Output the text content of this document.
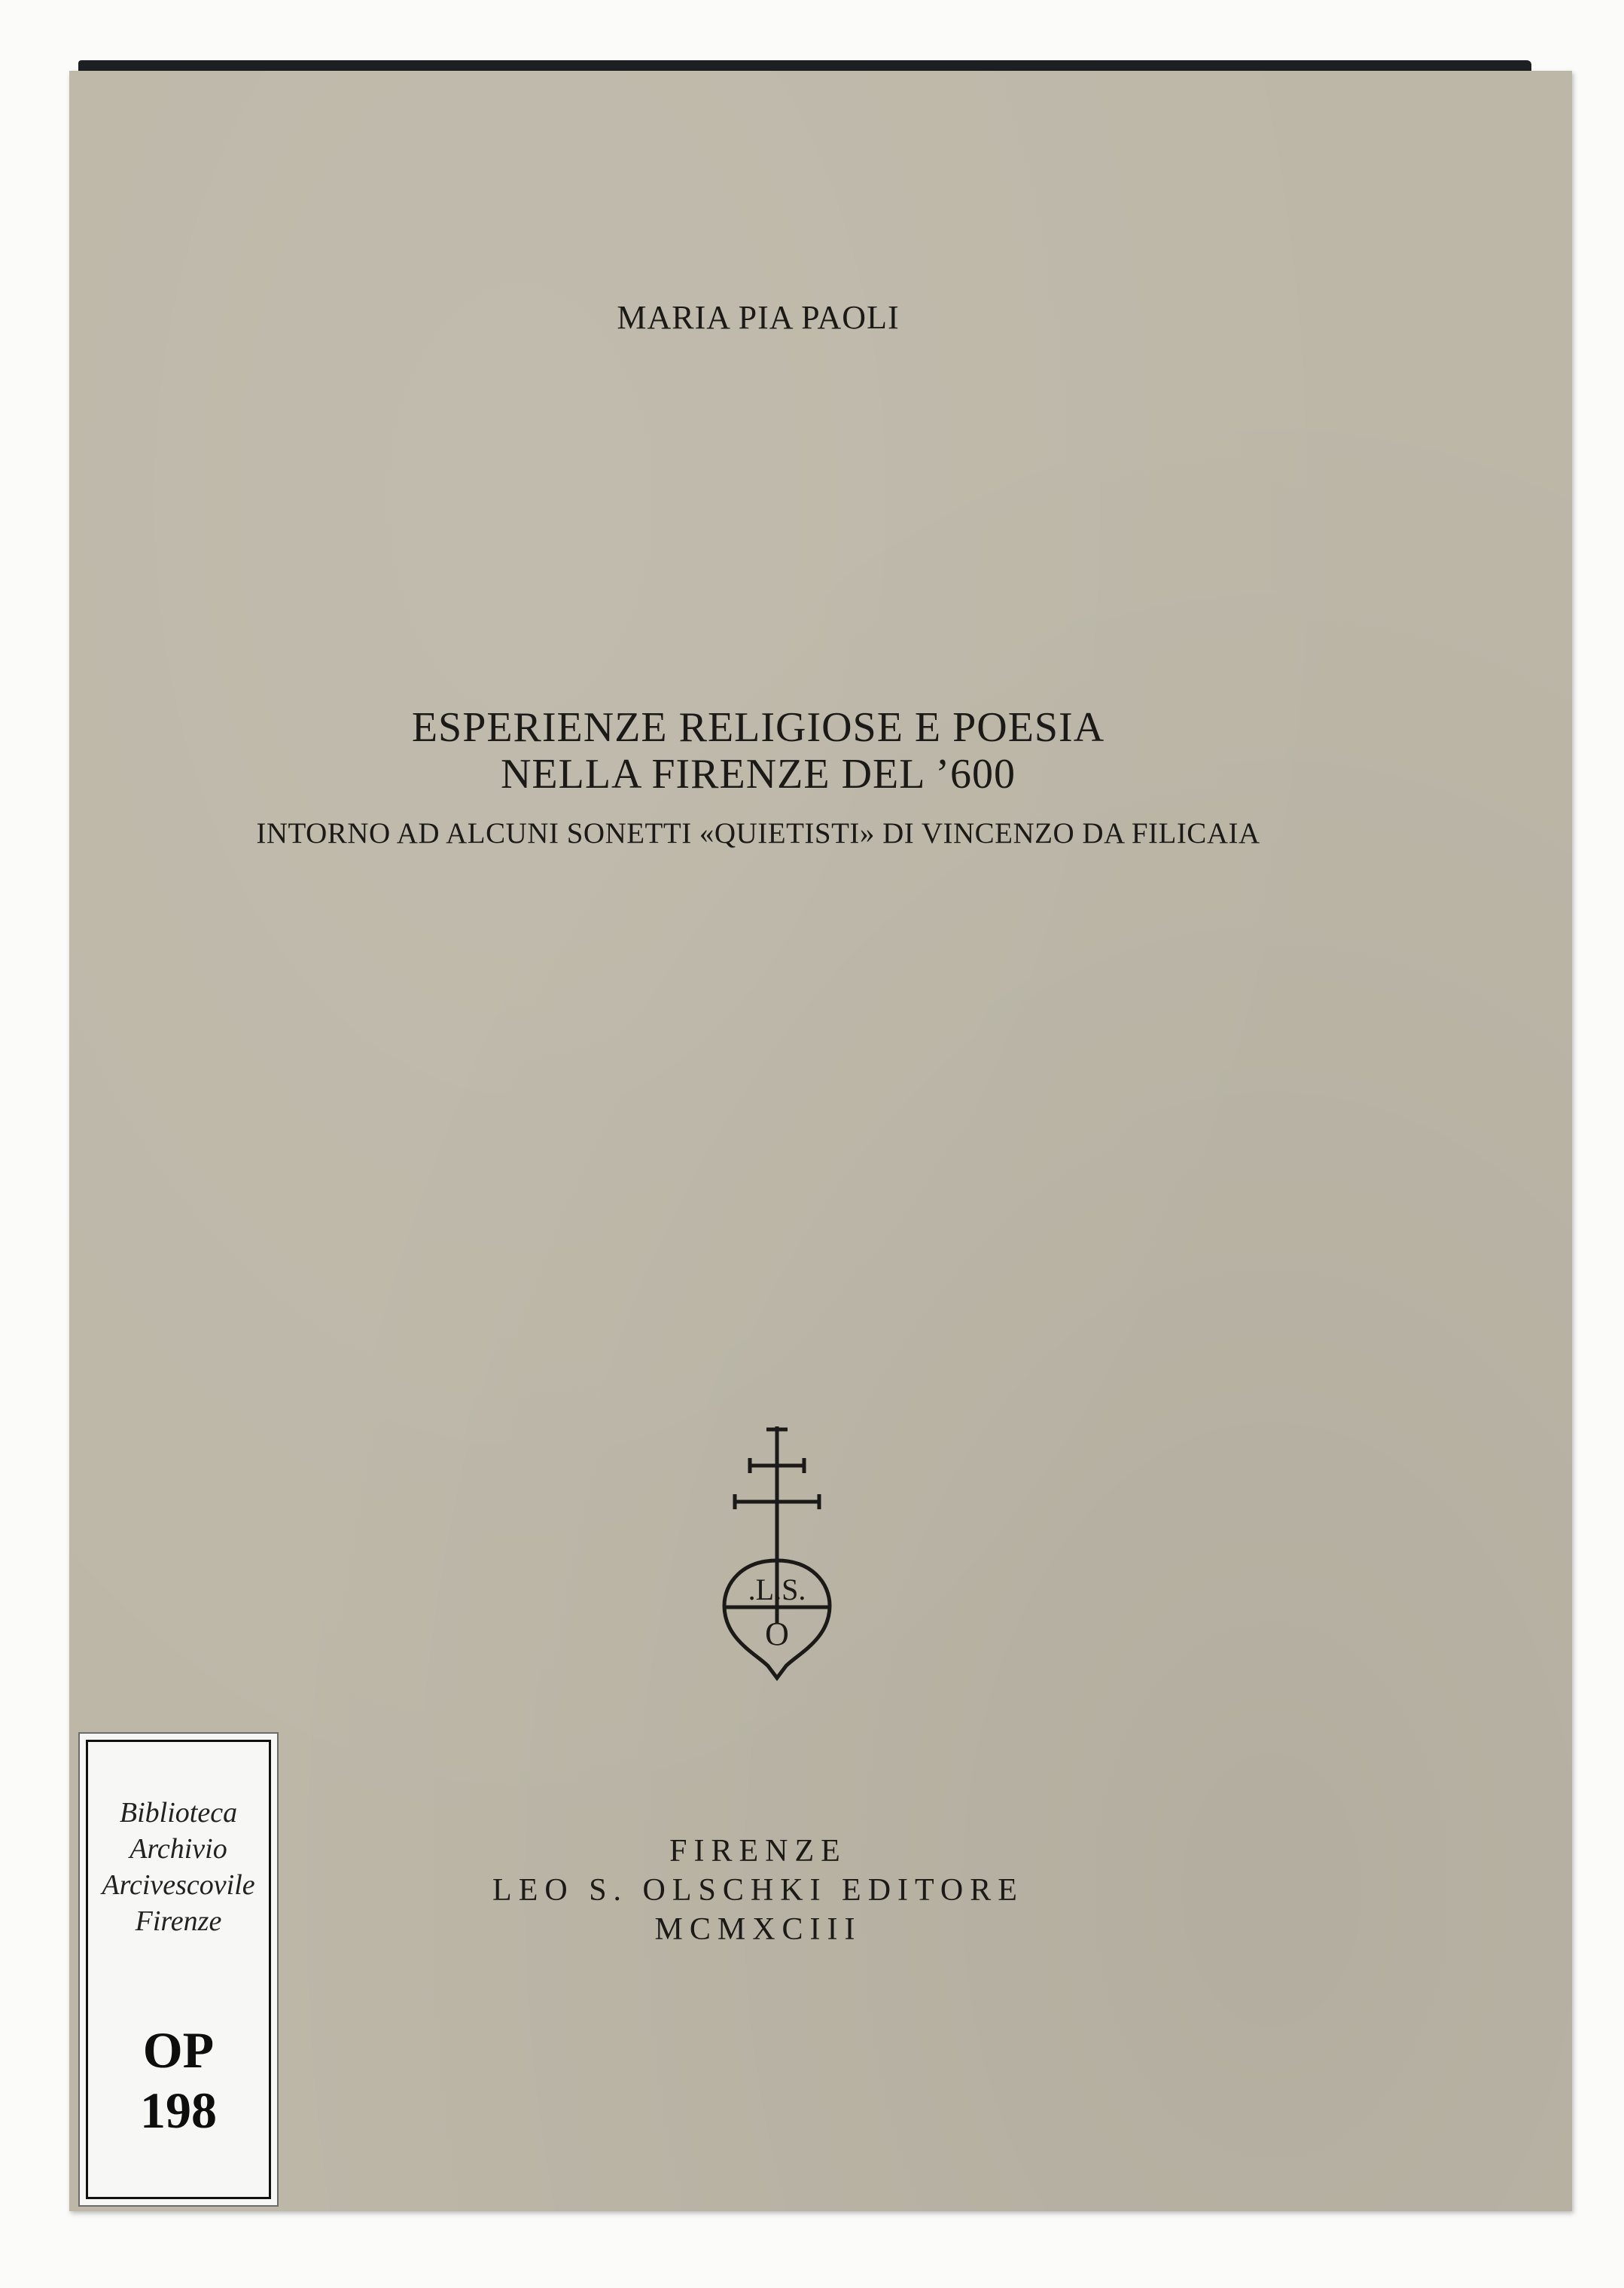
MARIA PIA PAOLI

ESPERIENZE RELIGIOSE E POESIA

NELLA FIRENZE DEL ’600

INTORNO AD ALCUNI SONETTI «QUIETISTI» DI VINCENZO DA FILICAIA

.L.S.
O

FIRENZE

LEO S. OLSCHKI EDITORE

MCMXCIII

Biblioteca

Archivio

Arcivescovile

Firenze

OP

198
